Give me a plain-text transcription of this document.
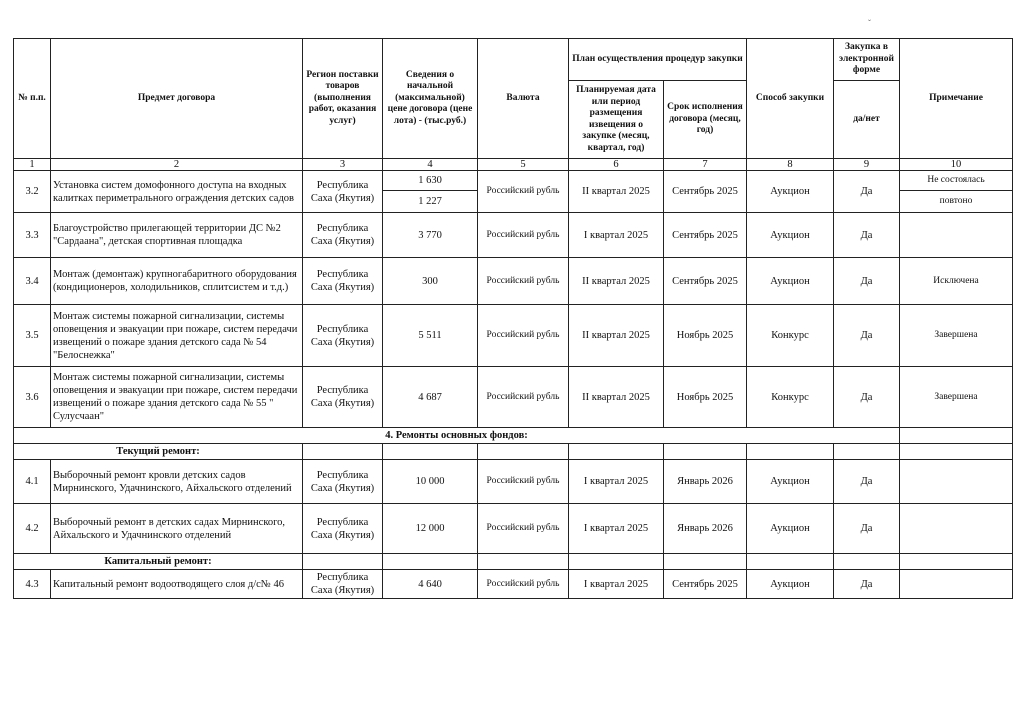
№ п.п.	Предмет договора	Регион поставки товаров (выполнения работ, оказания услуг)	Сведения о начальной (максимальной) цене договора (цене лота) - (тыс.руб.)	Валюта	План осуществления процедур закупки		Способ закупки	Закупка в электронной форме	Примечание
					Планируемая дата или период размещения извещения о закупке (месяц, квартал, год)	Срок исполнения договора (месяц, год)		да/нет	
1	2	3	4	5	6	7	8	9	10
3.2	Установка систем домофонного доступа на входных калитках периметрального ограждения детских садов	Республика Саха (Якутия)	1 630	Российский рубль	II квартал 2025	Сентябрь 2025	Аукцион	Да	Не состоялась
			1 227						повтоно
3.3	Благоустройство прилегающей территории ДС №2 "Сардаана", детская спортивная площадка	Республика Саха (Якутия)	3 770	Российский рубль	I квартал 2025	Сентябрь 2025	Аукцион	Да	
3.4	Монтаж (демонтаж) крупногабаритного оборудования (кондиционеров, холодильников, сплитсистем и т.д.)	Республика Саха (Якутия)	300	Российский рубль	II квартал 2025	Сентябрь 2025	Аукцион	Да	Исключена
3.5	Монтаж системы пожарной сигнализации, системы оповещения и эвакуации при пожаре, систем передачи извещений о пожаре здания детского сада № 54 "Белоснежка"	Республика Саха (Якутия)	5 511	Российский рубль	II квартал 2025	Ноябрь 2025	Конкурс	Да	Завершена
3.6	Монтаж системы пожарной сигнализации, системы оповещения и эвакуации при пожаре, систем передачи извещений о пожаре здания детского сада № 55 " Сулусчаан"	Республика Саха (Якутия)	4 687	Российский рубль	II квартал 2025	Ноябрь 2025	Конкурс	Да	Завершена
4. Ремонты основных фондов:									
Текущий ремонт:									
4.1	Выборочный ремонт кровли детских садов Мирнинского, Удачнинского, Айхальского отделений	Республика Саха (Якутия)	10 000	Российский рубль	I квартал 2025	Январь 2026	Аукцион	Да	
4.2	Выборочный ремонт в детских садах Мирнинского, Айхальского и Удачнинского отделений	Республика Саха (Якутия)	12 000	Российский рубль	I квартал 2025	Январь 2026	Аукцион	Да	
Капитальный ремонт:									
4.3	Капитальный ремонт водоотводящего слоя д/с№ 46	Республика Саха (Якутия)	4 640	Российский рубль	I квартал 2025	Сентябрь 2025	Аукцион	Да	
ˇ
